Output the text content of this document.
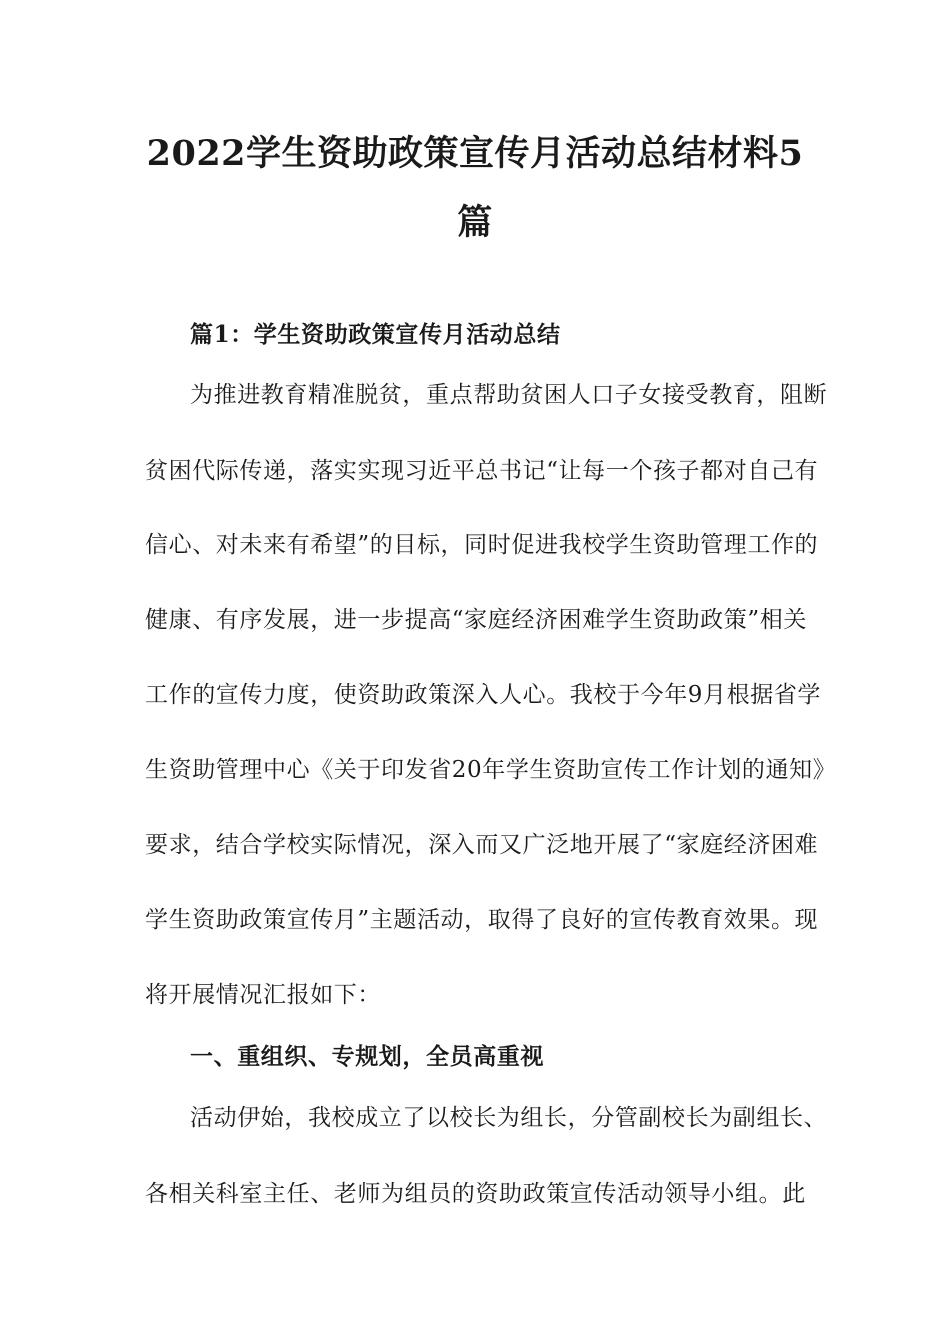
2022学生资助政策宣传月活动总结材料5
篇
篇1：学生资助政策宣传月活动总结
为推进教育精准脱贫，重点帮助贫困人口子女接受教育，阻断
贫困代际传递，落实实现习近平总书记“让每一个孩子都对自己有
信心、对未来有希望”的目标，同时促进我校学生资助管理工作的
健康、有序发展，进一步提高“家庭经济困难学生资助政策”相关
工作的宣传力度，使资助政策深入人心。我校于今年9月根据省学
生资助管理中心《关于印发省20年学生资助宣传工作计划的通知》
要求，结合学校实际情况，深入而又广泛地开展了“家庭经济困难
学生资助政策宣传月”主题活动，取得了良好的宣传教育效果。现
将开展情况汇报如下：
一、重组织、专规划，全员高重视
活动伊始，我校成立了以校长为组长，分管副校长为副组长、
各相关科室主任、老师为组员的资助政策宣传活动领导小组。此
